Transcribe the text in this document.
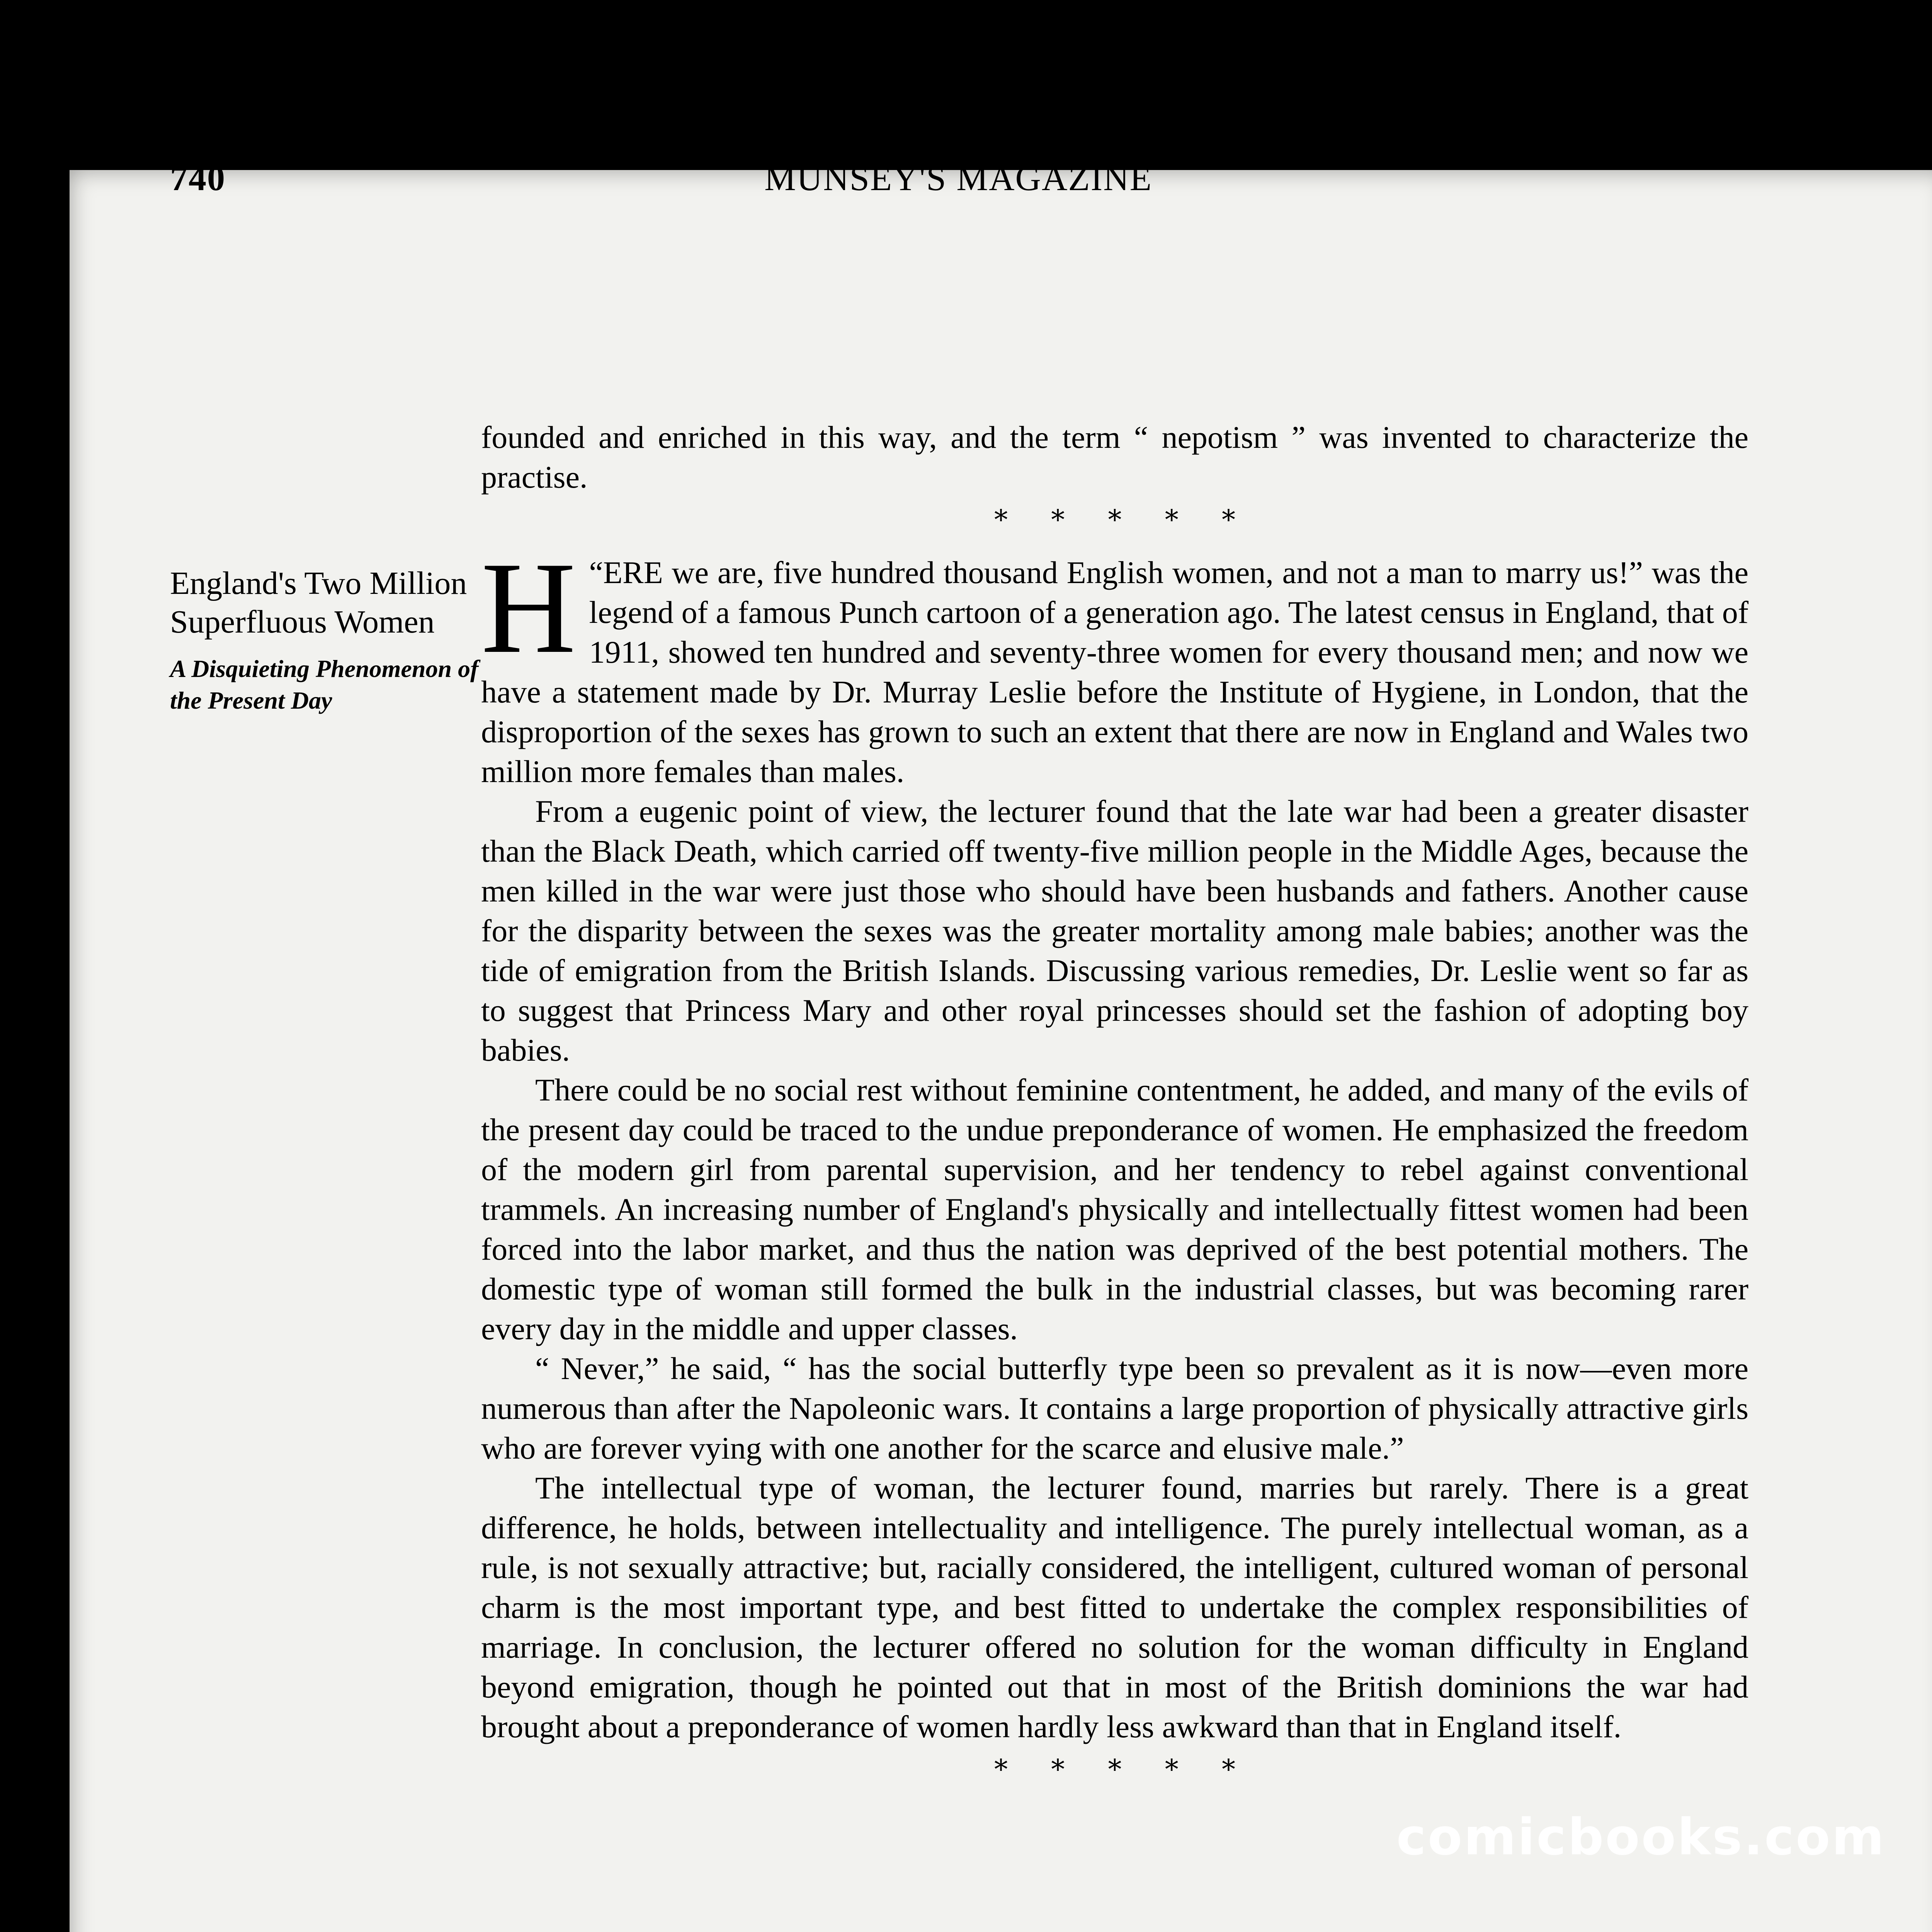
740	MUNSEY'S MAGAZINE

founded and enriched in this way, and the term “ nepotism ” was invented to characterize the practise.

* * * * *
England's Two Million Superfluous Women
A Disquieting Phenomenon of the Present Day

“
H ERE we are, five hundred thousand English women, and not a man to marry us!” was the legend of a famous Punch cartoon of a generation ago. The latest census in England, that of 1911, showed ten hundred and seventy-three women for every thousand men; and now we have a statement made by Dr. Murray Leslie before the Institute of Hygiene, in London, that the disproportion of the sexes has grown to such an extent that there are now in England and Wales two million more females than males.

From a eugenic point of view, the lecturer found that the late war had been a greater disaster than the Black Death, which carried off twenty-five million people in the Middle Ages, because the men killed in the war were just those who should have been husbands and fathers. Another cause for the disparity between the sexes was the greater mortality among male babies; another was the tide of emigration from the British Islands. Discussing various remedies, Dr. Leslie went so far as to suggest that Princess Mary and other royal princesses should set the fashion of adopting boy babies.

There could be no social rest without feminine contentment, he added, and many of the evils of the present day could be traced to the undue preponderance of women. He emphasized the freedom of the modern girl from parental supervision, and her tendency to rebel against conventional trammels. An increasing number of England's physically and intellectually fittest women had been forced into the labor market, and thus the nation was deprived of the best potential mothers. The domestic type of woman still formed the bulk in the industrial classes, but was becoming rarer every day in the middle and upper classes.

“ Never,” he said, “ has the social butterfly type been so prevalent as it is now—even more numerous than after the Napoleonic wars. It contains a large proportion of physically attractive girls who are forever vying with one another for the scarce and elusive male.”

The intellectual type of woman, the lecturer found, marries but rarely. There is a great difference, he holds, between intellectuality and intelligence. The purely intellectual woman, as a rule, is not sexually attractive; but, racially considered, the intelligent, cultured woman of personal charm is the most important type, and best fitted to undertake the complex responsibilities of marriage. In conclusion, the lecturer offered no solution for the woman difficulty in England beyond emigration, though he pointed out that in most of the British dominions the war had brought about a preponderance of women hardly less awkward than that in England itself.

* * * * *

comicbooks.com
